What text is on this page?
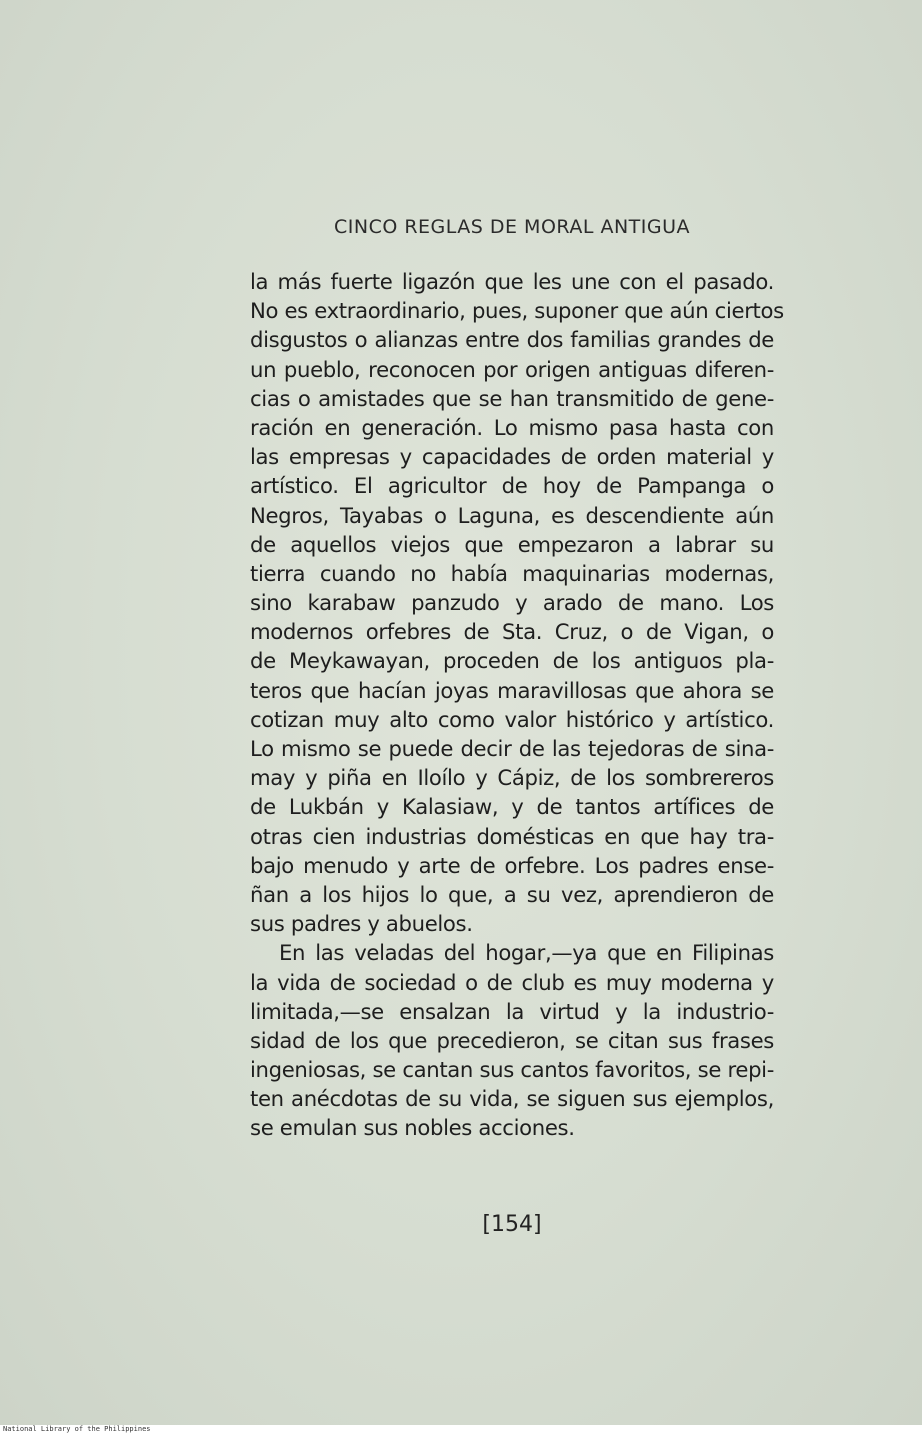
CINCO REGLAS DE MORAL ANTIGUA
la más fuerte ligazón que les une con el pasado.
No es extraordinario, pues, suponer que aún ciertos
disgustos o alianzas entre dos familias grandes de
un pueblo, reconocen por origen antiguas diferen-
cias o amistades que se han transmitido de gene-
ración en generación. Lo mismo pasa hasta con
las empresas y capacidades de orden material y
artístico. El agricultor de hoy de Pampanga o
Negros, Tayabas o Laguna, es descendiente aún
de aquellos viejos que empezaron a labrar su
tierra cuando no había maquinarias modernas,
sino karabaw panzudo y arado de mano. Los
modernos orfebres de Sta. Cruz, o de Vigan, o
de Meykawayan, proceden de los antiguos pla-
teros que hacían joyas maravillosas que ahora se
cotizan muy alto como valor histórico y artístico.
Lo mismo se puede decir de las tejedoras de sina-
may y piña en Iloílo y Cápiz, de los sombrereros
de Lukbán y Kalasiaw, y de tantos artífices de
otras cien industrias domésticas en que hay tra-
bajo menudo y arte de orfebre. Los padres ense-
ñan a los hijos lo que, a su vez, aprendieron de
sus padres y abuelos.
En las veladas del hogar,—ya que en Filipinas
la vida de sociedad o de club es muy moderna y
limitada,—se ensalzan la virtud y la industrio-
sidad de los que precedieron, se citan sus frases
ingeniosas, se cantan sus cantos favoritos, se repi-
ten anécdotas de su vida, se siguen sus ejemplos,
se emulan sus nobles acciones.
[154]
National Library of the Philippines
